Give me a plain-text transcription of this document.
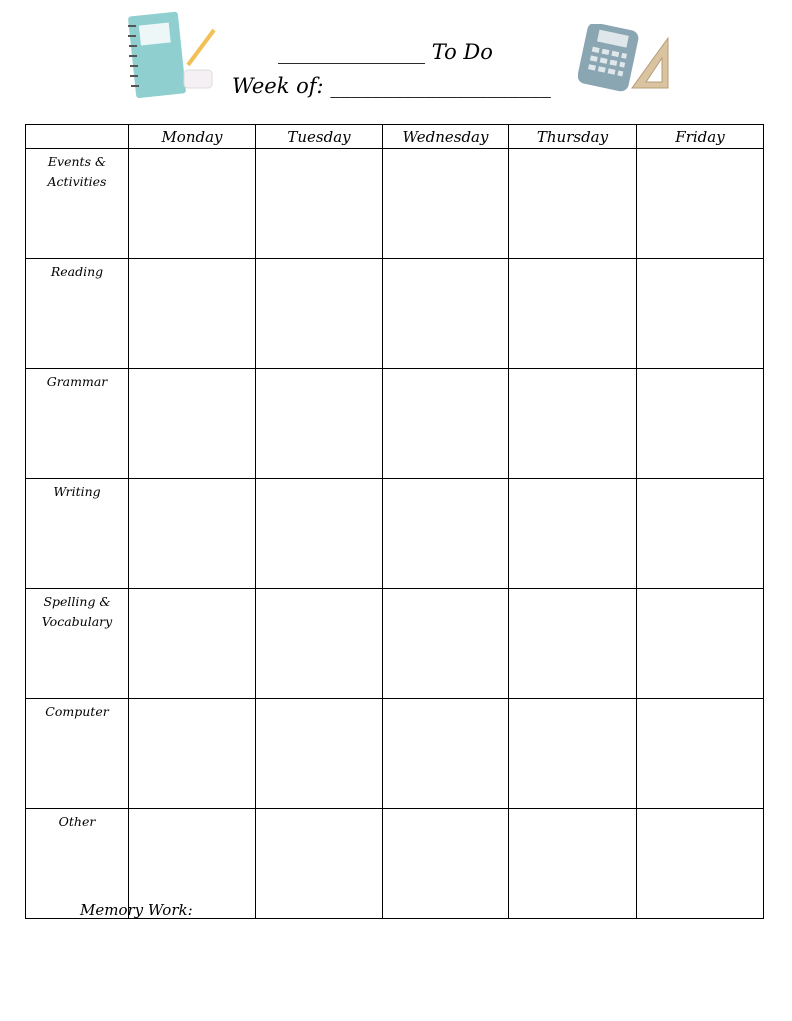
______________ To Do
Week of: _____________________
	Monday	Tuesday	Wednesday	Thursday	Friday
Events &
Activities					
Reading					
Grammar					
Writing					
Spelling &
Vocabulary					
Computer					
Other					
Memory Work:
